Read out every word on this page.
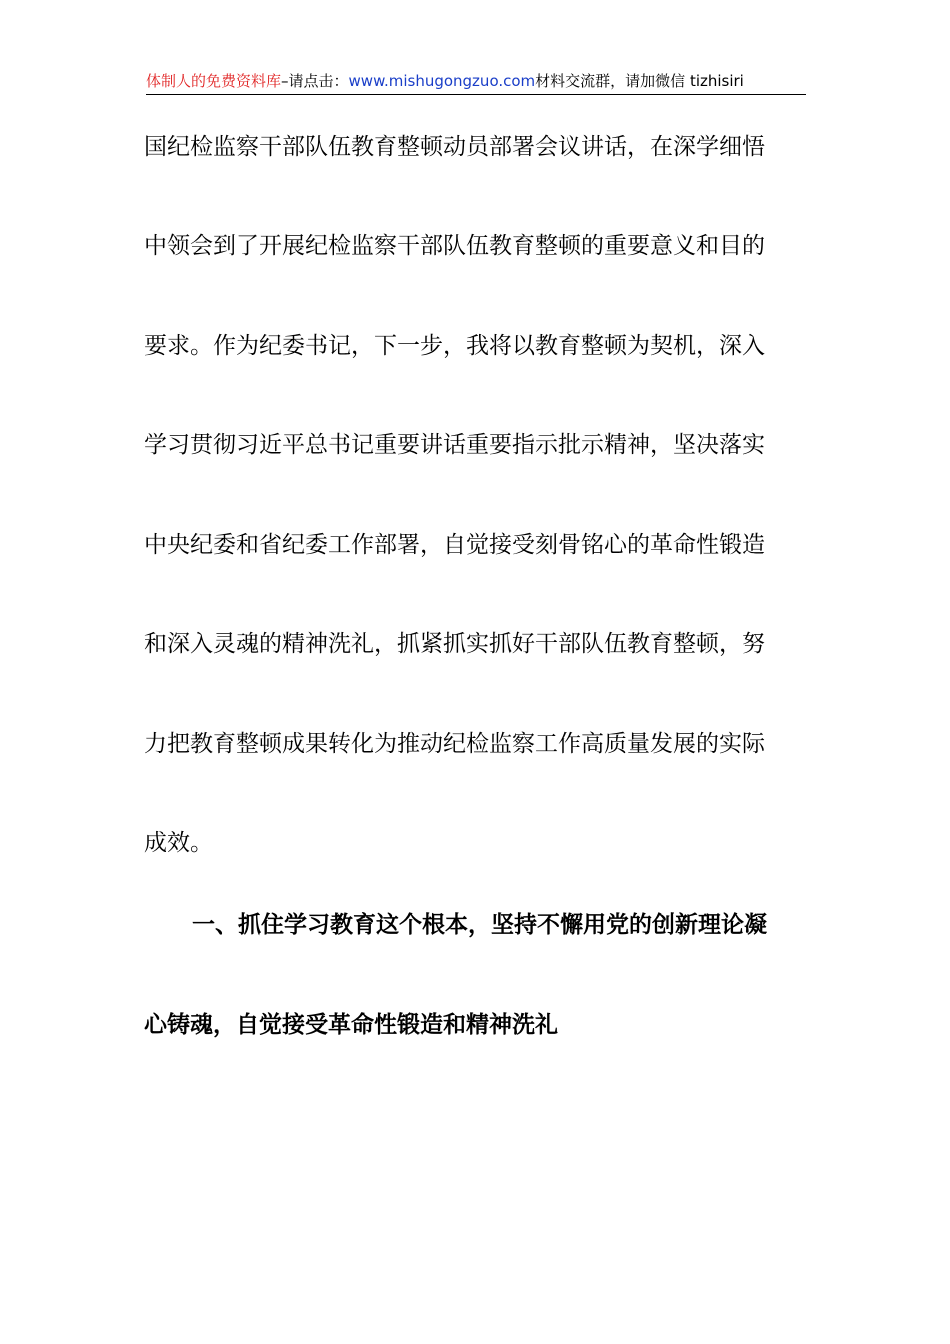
体制人的免费资料库–请点击：www.mishugongzuo.com材料交流群，请加微信 tizhisiri
国纪检监察干部队伍教育整顿动员部署会议讲话，在深学细悟
中领会到了开展纪检监察干部队伍教育整顿的重要意义和目的
要求。作为纪委书记，下一步，我将以教育整顿为契机，深入
学习贯彻习近平总书记重要讲话重要指示批示精神，坚决落实
中央纪委和省纪委工作部署，自觉接受刻骨铭心的革命性锻造
和深入灵魂的精神洗礼，抓紧抓实抓好干部队伍教育整顿，努
力把教育整顿成果转化为推动纪检监察工作高质量发展的实际
成效。
一、抓住学习教育这个根本，坚持不懈用党的创新理论凝
心铸魂，自觉接受革命性锻造和精神洗礼
